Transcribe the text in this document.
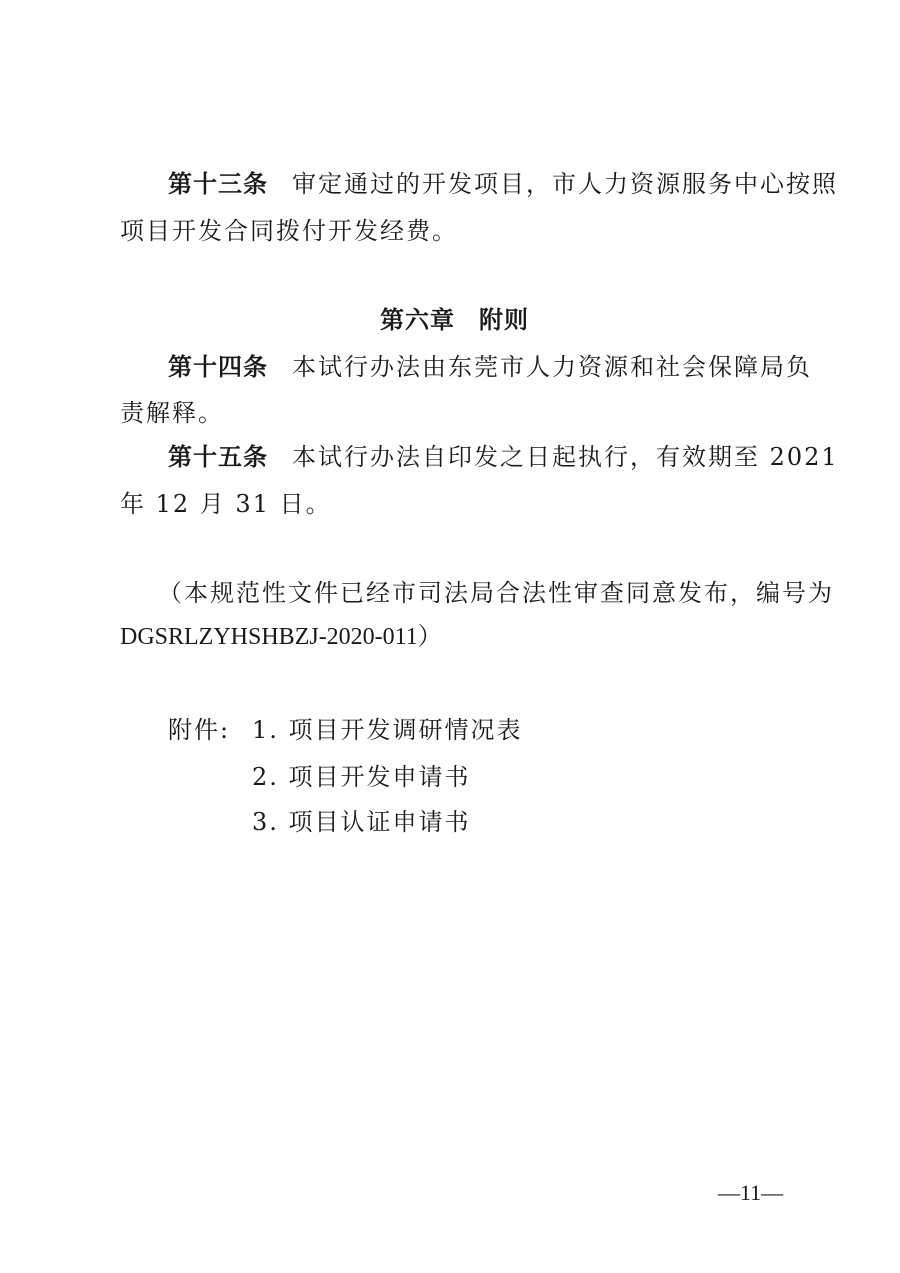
第十三条 审定通过的开发项目，市人力资源服务中心按照
项目开发合同拨付开发经费。
第六章 附则
第十四条 本试行办法由东莞市人力资源和社会保障局负
责解释。
第十五条 本试行办法自印发之日起执行，有效期至 2021
年 12 月 31 日。
（本规范性文件已经市司法局合法性审查同意发布，编号为
DGSRLZYHSHBZJ-2020-011）
附件: 1. 项目开发调研情况表
2. 项目开发申请书
3. 项目认证申请书
—11—
